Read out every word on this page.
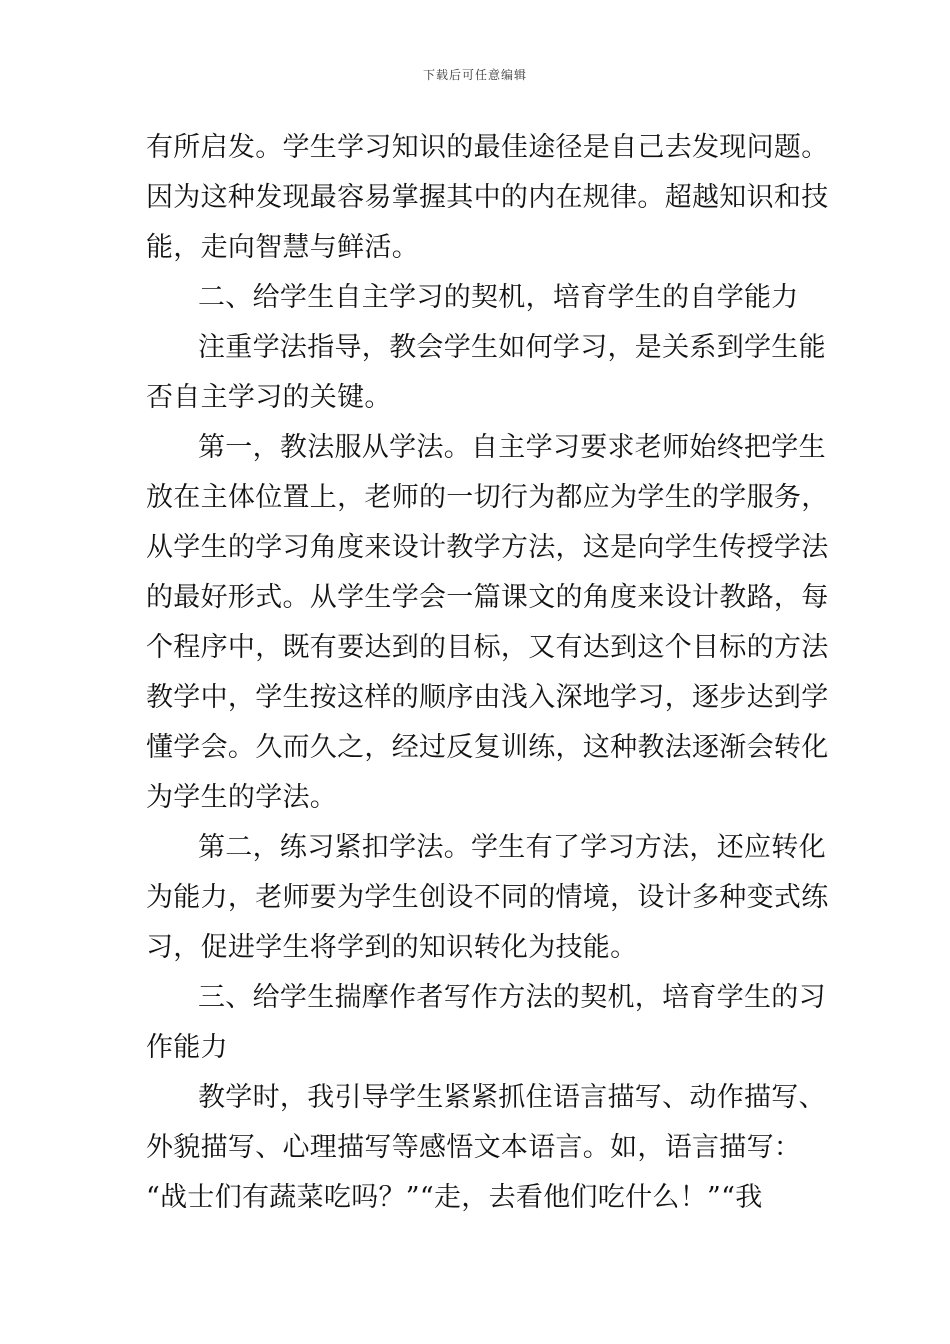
下载后可任意编辑
有所启发。学生学习知识的最佳途径是自己去发现问题。
因为这种发现最容易掌握其中的内在规律。超越知识和技
能，走向智慧与鲜活。
二、给学生自主学习的契机，培育学生的自学能力
注重学法指导，教会学生如何学习，是关系到学生能
否自主学习的关键。
第一，教法服从学法。自主学习要求老师始终把学生
放在主体位置上，老师的一切行为都应为学生的学服务，
从学生的学习角度来设计教学方法，这是向学生传授学法
的最好形式。从学生学会一篇课文的角度来设计教路，每
个程序中，既有要达到的目标，又有达到这个目标的方法
教学中，学生按这样的顺序由浅入深地学习，逐步达到学
懂学会。久而久之，经过反复训练，这种教法逐渐会转化
为学生的学法。
第二，练习紧扣学法。学生有了学习方法，还应转化
为能力，老师要为学生创设不同的情境，设计多种变式练
习，促进学生将学到的知识转化为技能。
三、给学生揣摩作者写作方法的契机，培育学生的习
作能力
教学时，我引导学生紧紧抓住语言描写、动作描写、
外貌描写、心理描写等感悟文本语言。如，语言描写：
“战士们有蔬菜吃吗？”“走，去看他们吃什么！”“我
